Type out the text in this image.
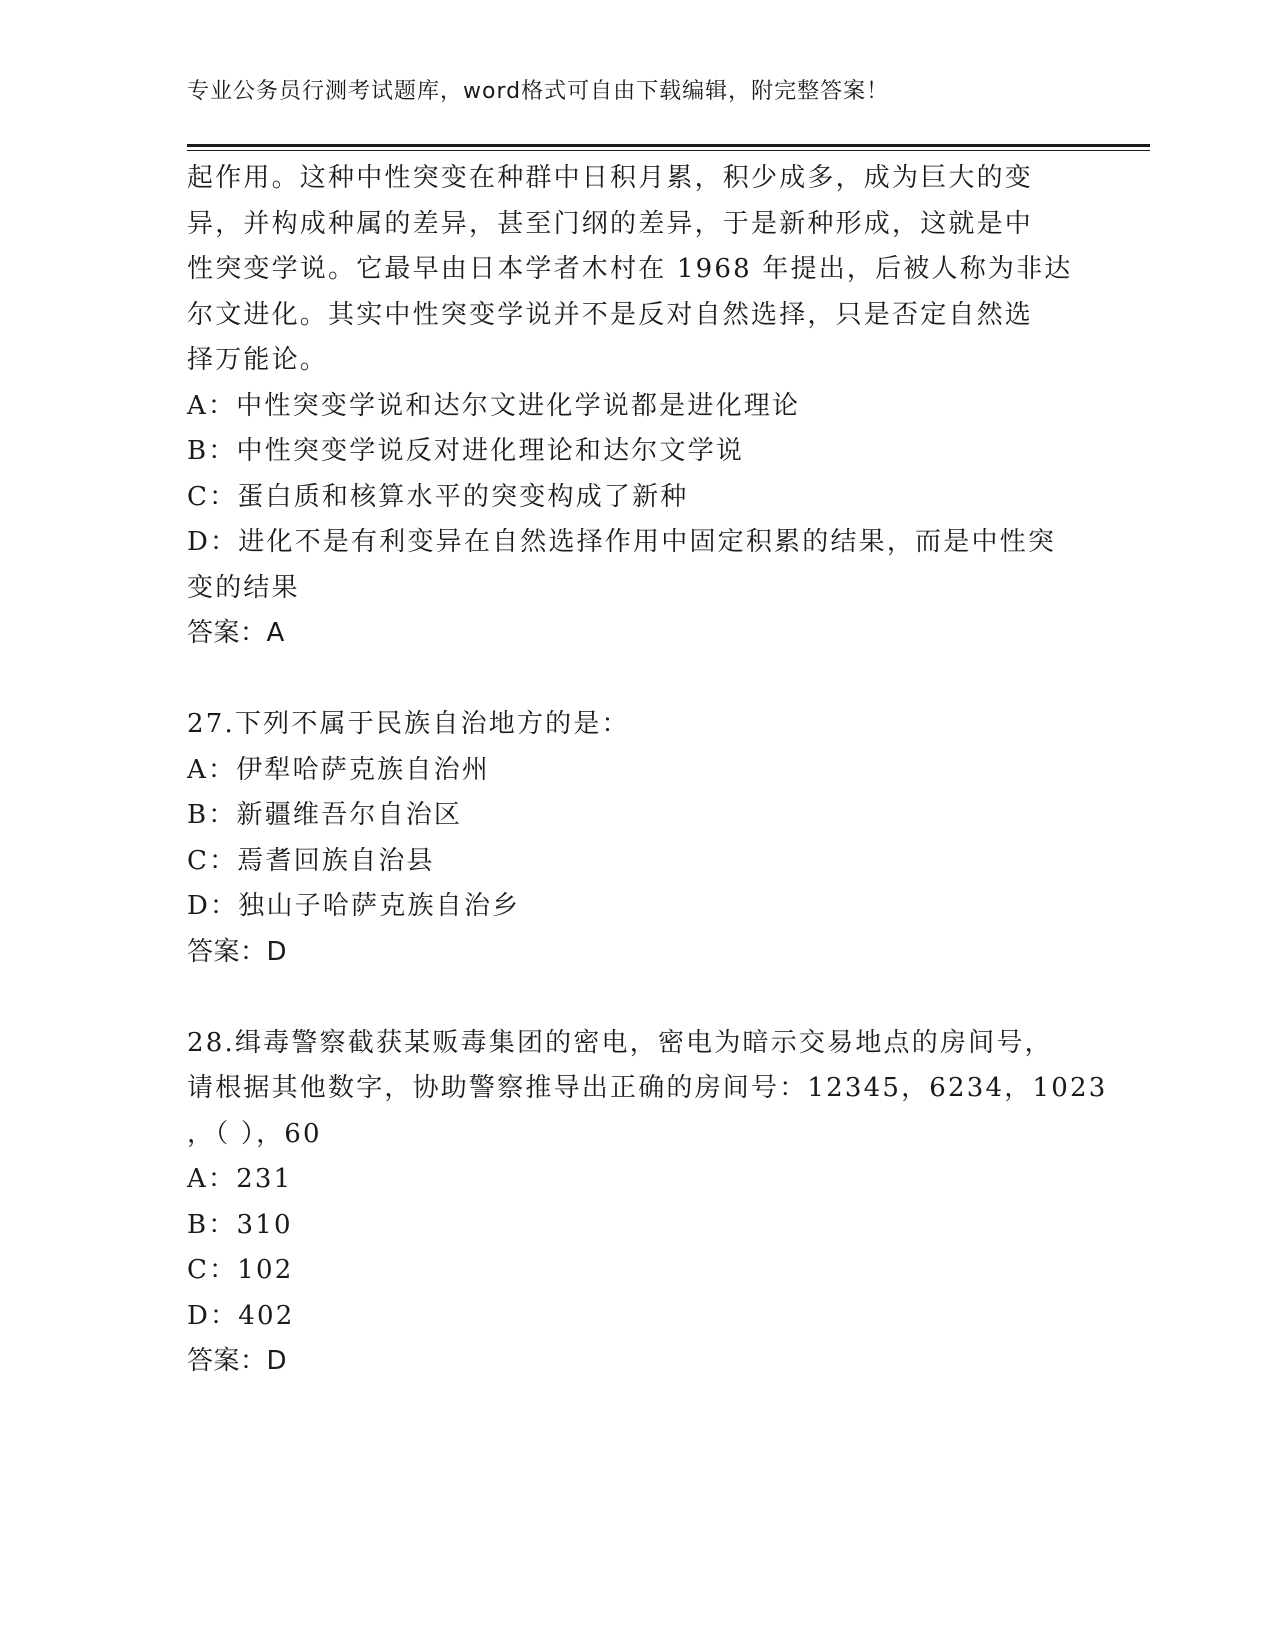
专业公务员行测考试题库，word格式可自由下载编辑，附完整答案！
起作用。这种中性突变在种群中日积月累，积少成多，成为巨大的变
异，并构成种属的差异，甚至门纲的差异，于是新种形成，这就是中
性突变学说。它最早由日本学者木村在 1968 年提出，后被人称为非达
尔文进化。其实中性突变学说并不是反对自然选择，只是否定自然选
择万能论。
A：中性突变学说和达尔文进化学说都是进化理论
B：中性突变学说反对进化理论和达尔文学说
C：蛋白质和核算水平的突变构成了新种
D：进化不是有利变异在自然选择作用中固定积累的结果，而是中性突
变的结果
答案：A
27.下列不属于民族自治地方的是：
A：伊犁哈萨克族自治州
B：新疆维吾尔自治区
C：焉耆回族自治县
D：独山子哈萨克族自治乡
答案：D
28.缉毒警察截获某贩毒集团的密电，密电为暗示交易地点的房间号，
请根据其他数字，协助警察推导出正确的房间号：12345，6234，1023
，（ ），60
A：231
B：310
C：102
D：402
答案：D
